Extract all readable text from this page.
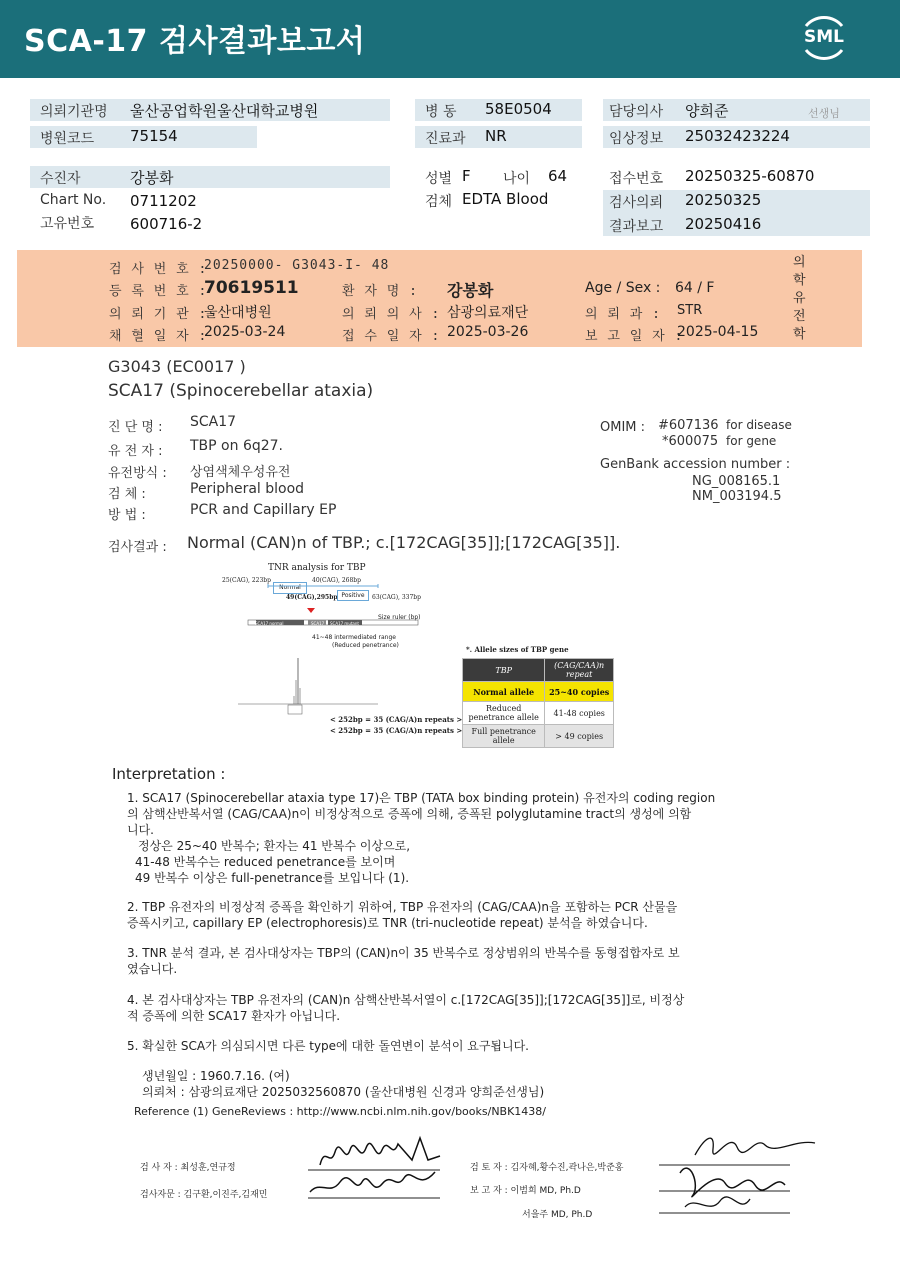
SCA-17 검사결과보고서	SML
의뢰기관명 울산공업학원울산대학교병원
병원코드 75154
병 동 58E0504
진료과 NR
담당의사 양희준	선생님
임상정보 25032423224
수진자	강봉화
Chart No. 0711202
고유번호 600716-2
성별 F 나이 64
검체 EDTA Blood
접수번호 20250325-60870
검사의뢰 20250325
결과보고 20250416
검 사 번 호 :
20250000- G3043-I- 48
등 록 번 호 :
70619511	환 자 명 : 강봉화	Age / Sex : 64 / F
의 뢰 기 관 :
울산대병원	의 뢰 의 사 : 삼광의료재단	의 뢰 과 : STR
채 혈 일 자 :
2025-03-24	접 수 일 자 : 2025-03-26	보 고 일 자 :
2025-04-15
의
학
유
전
학
G3043 (EC0017 )
SCA17 (Spinocerebellar ataxia)
진 단 명 : SCA17
유 전 자 : TBP on 6q27.
유전방식 : 상염색체우성유전
검 체 :	Peripheral blood
방 법 :	PCR and Capillary EP
OMIM : #607136 for disease
*600075 for gene
GenBank accession number :
NG_008165.1
NM_003194.5
검사결과 : Normal (CAN)n of TBP.; c.[172CAG[35]];[172CAG[35]].
TNR analysis for TBP
25(CAG), 223bp	40(CAG), 268bp
Normal
49(CAG),295bp Positive	63(CAG), 337bp
Size ruler (bp)
SCA17 normal	SCA17 SCA17 mutant
41~48 intermediated range
(Reduced penetrance)
< 252bp = 35 (CAG/A)n repeats >
< 252bp = 35 (CAG/A)n repeats >
*. Allele sizes of TBP gene
TBP	(CAG/CAA)n repeat
Normal allele	25~40 copies
Reduced penetrance allele	41-48 copies
Full penetrance allele	> 49 copies
Interpretation :
1. SCA17 (Spinocerebellar ataxia type 17)은 TBP (TATA box binding protein) 유전자의 coding region
의 삼핵산반복서열 (CAG/CAA)n이 비정상적으로 증폭에 의해, 증폭된 polyglutamine tract의 생성에 의함
니다.
정상은 25~40 반복수; 환자는 41 반복수 이상으로,
41-48 반복수는 reduced penetrance를 보이며
49 반복수 이상은 full-penetrance를 보입니다 (1).
2. TBP 유전자의 비정상적 증폭을 확인하기 위하여, TBP 유전자의 (CAG/CAA)n을 포함하는 PCR 산물을
증폭시키고, capillary EP (electrophoresis)로 TNR (tri-nucleotide repeat) 분석을 하였습니다.
3. TNR 분석 결과, 본 검사대상자는 TBP의 (CAN)n이 35 반복수로 정상범위의 반복수를 동형접합자로 보
였습니다.
4. 본 검사대상자는 TBP 유전자의 (CAN)n 삼핵산반복서열이 c.[172CAG[35]];[172CAG[35]]로, 비정상
적 증폭에 의한 SCA17 환자가 아닙니다.
5. 확실한 SCA가 의심되시면 다른 type에 대한 돌연변이 분석이 요구됩니다.
생년월일 : 1960.7.16. (여)
의뢰처 : 삼광의료재단 2025032560870 (울산대병원 신경과 양희준선생님)
Reference (1) GeneReviews : http://www.ncbi.nlm.nih.gov/books/NBK1438/
검 사 자 : 최성훈,연규정
검사자문 : 김구환,이진주,김재민
검 토 자 : 김자혜,황수진,곽나은,박준홍
보 고 자 : 이범희 MD, Ph.D
서을주 MD, Ph.D
